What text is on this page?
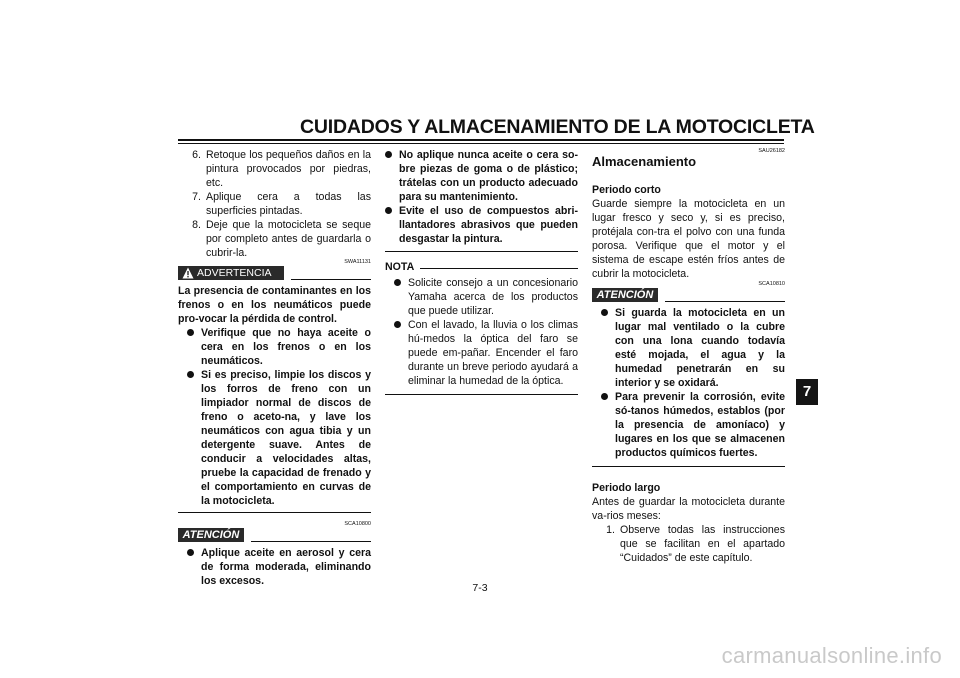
CUIDADOS Y ALMACENAMIENTO DE LA MOTOCICLETA
6. Retoque los pequeños daños en la pintura provocados por piedras, etc.
7. Aplique cera a todas las superficies pintadas.
8. Deje que la motocicleta se seque por completo antes de guardarla o cubrir-la.
ADVERTENCIA
SWA11131
La presencia de contaminantes en los frenos o en los neumáticos puede pro-vocar la pérdida de control.
Verifique que no haya aceite o cera en los frenos o en los neumáticos.
Si es preciso, limpie los discos y los forros de freno con un limpiador normal de discos de freno o aceto-na, y lave los neumáticos con agua tibia y un detergente suave. Antes de conducir a velocidades altas, pruebe la capacidad de frenado y el comportamiento en curvas de la motocicleta.
SCA10800
ATENCIÓN
Aplique aceite en aerosol y cera de forma moderada, eliminando los excesos.
No aplique nunca aceite o cera so-bre piezas de goma o de plástico; trátelas con un producto adecuado para su mantenimiento.
Evite el uso de compuestos abri-llantadores abrasivos que pueden desgastar la pintura.
NOTA
Solicite consejo a un concesionario Yamaha acerca de los productos que puede utilizar.
Con el lavado, la lluvia o los climas hú-medos la óptica del faro se puede em-pañar. Encender el faro durante un breve periodo ayudará a eliminar la humedad de la óptica.
SAU26182
Almacenamiento
Periodo corto
Guarde siempre la motocicleta en un lugar fresco y seco y, si es preciso, protéjala con-tra el polvo con una funda porosa. Verifique que el motor y el sistema de escape estén fríos antes de cubrir la motocicleta.
SCA10810
ATENCIÓN
Si guarda la motocicleta en un lugar mal ventilado o la cubre con una lona cuando todavía esté mojada, el agua y la humedad penetrarán en su interior y se oxidará.
Para prevenir la corrosión, evite só-tanos húmedos, establos (por la presencia de amoníaco) y lugares en los que se almacenen productos químicos fuertes.
Periodo largo
Antes de guardar la motocicleta durante va-rios meses:
1. Observe todas las instrucciones que se facilitan en el apartado “Cuidados” de este capítulo.
7
7-3
carmanualsonline.info
